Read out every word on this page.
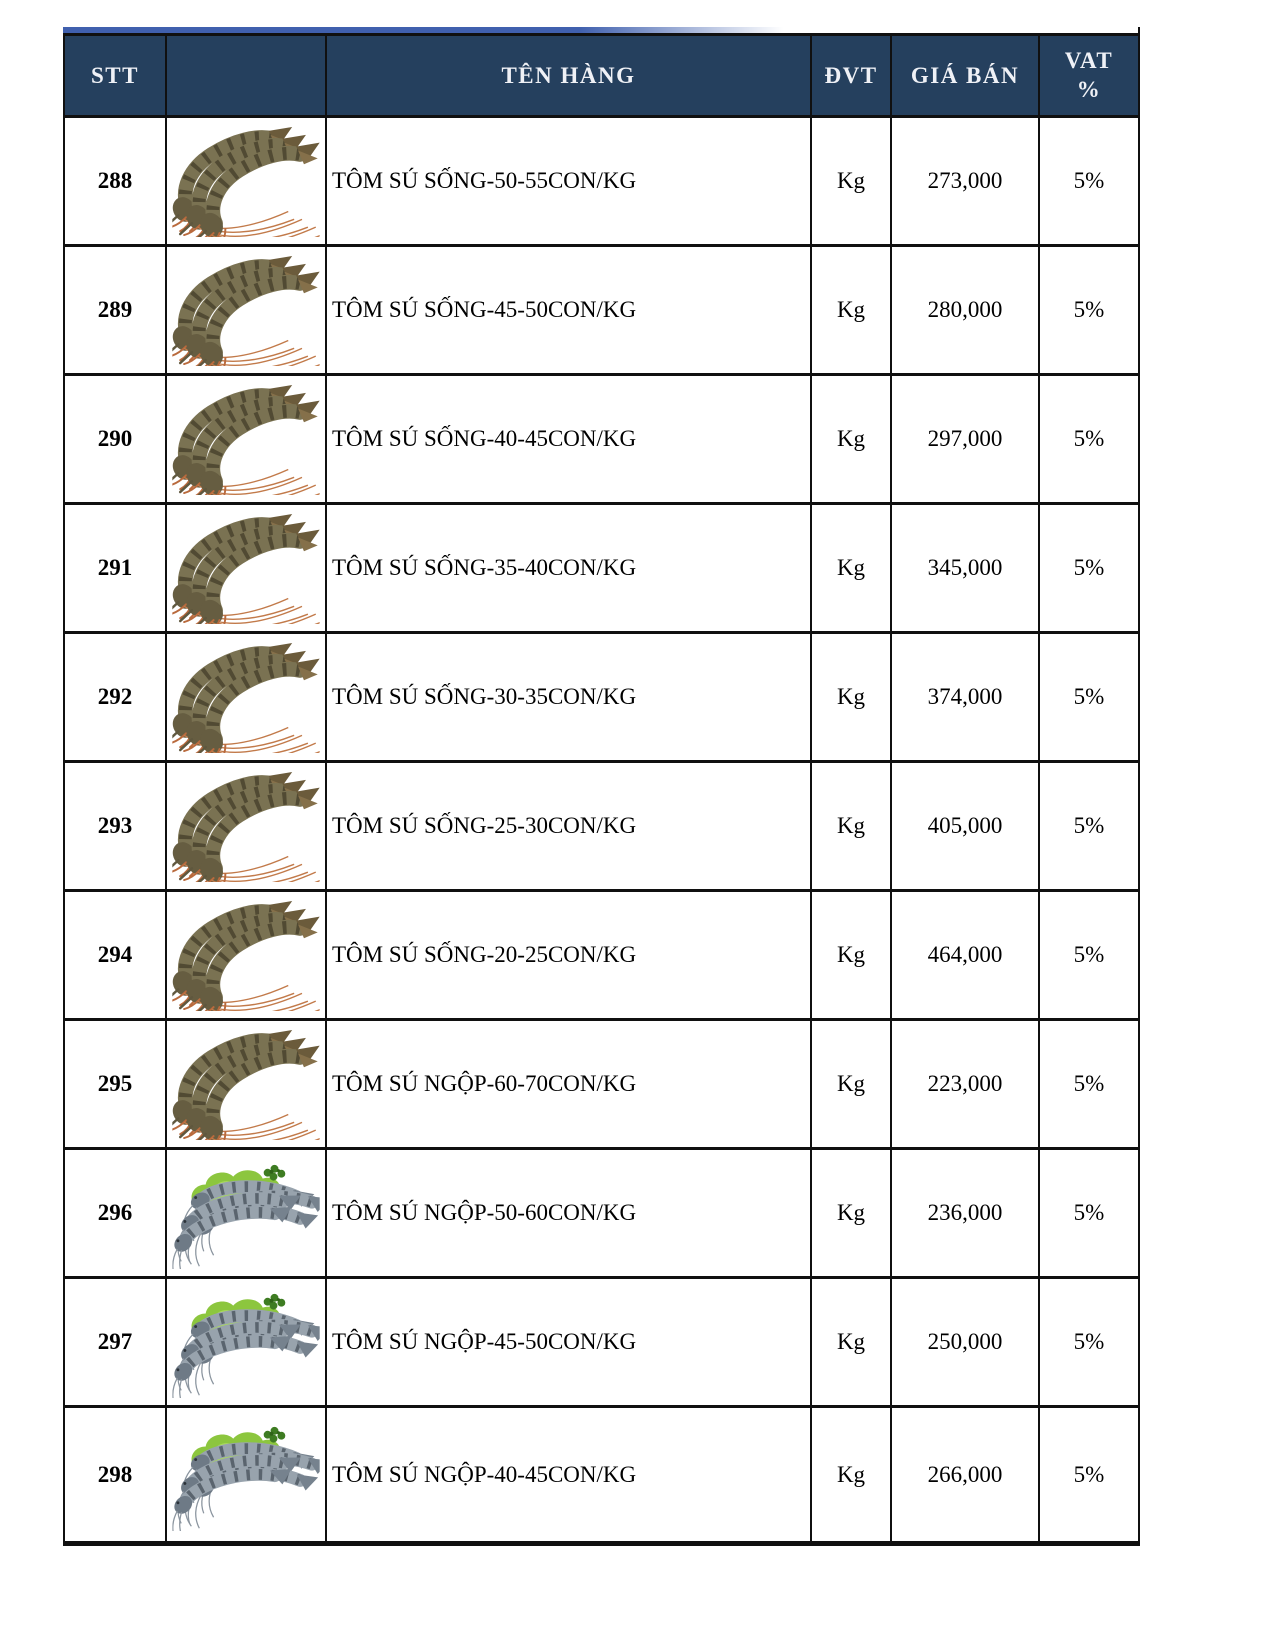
STT		TÊN HÀNG	ĐVT	GIÁ BÁN	VAT
%

288		TÔM SÚ SỐNG-50-55CON/KG	Kg	273,000	5%
289		TÔM SÚ SỐNG-45-50CON/KG	Kg	280,000	5%
290		TÔM SÚ SỐNG-40-45CON/KG	Kg	297,000	5%
291		TÔM SÚ SỐNG-35-40CON/KG	Kg	345,000	5%
292		TÔM SÚ SỐNG-30-35CON/KG	Kg	374,000	5%
293		TÔM SÚ SỐNG-25-30CON/KG	Kg	405,000	5%
294		TÔM SÚ SỐNG-20-25CON/KG	Kg	464,000	5%
295		TÔM SÚ NGỘP-60-70CON/KG	Kg	223,000	5%
296		TÔM SÚ NGỘP-50-60CON/KG	Kg	236,000	5%
297		TÔM SÚ NGỘP-45-50CON/KG	Kg	250,000	5%
298		TÔM SÚ NGỘP-40-45CON/KG	Kg	266,000	5%
